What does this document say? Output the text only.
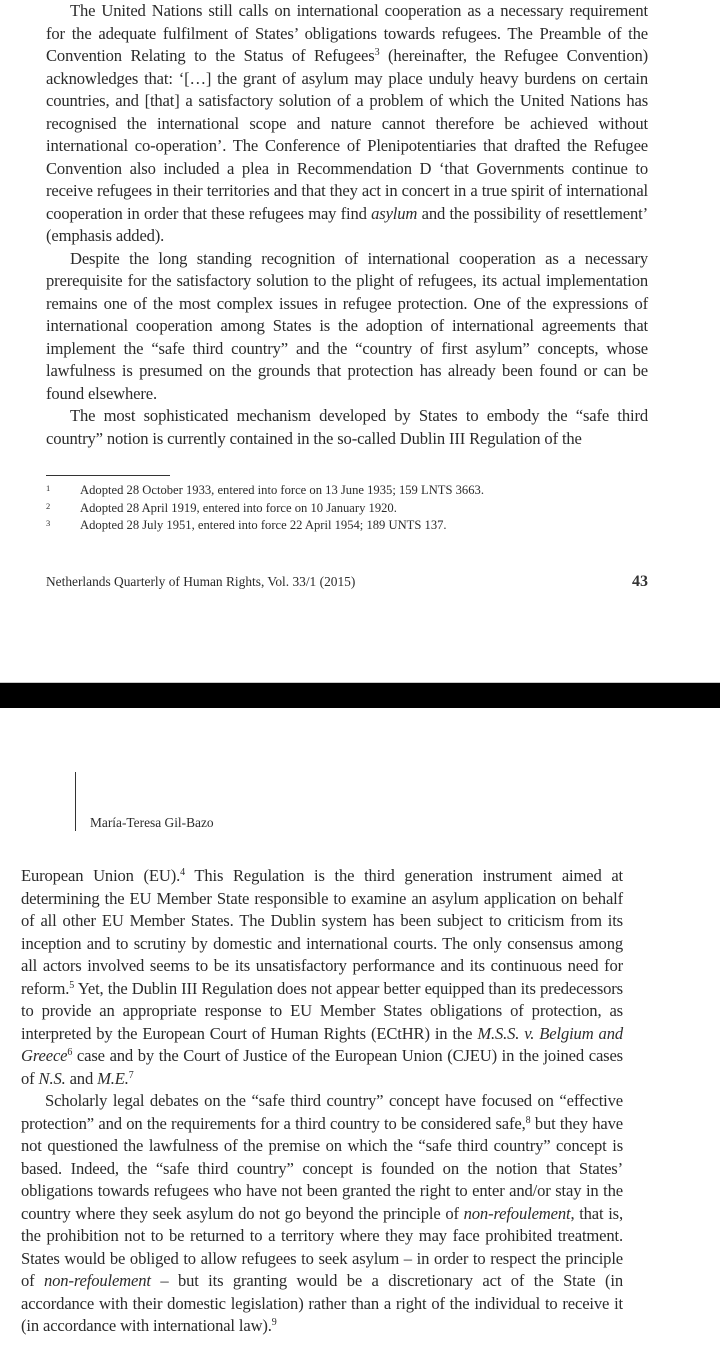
The United Nations still calls on international cooperation as a necessary requirement for the adequate fulfilment of States’ obligations towards refugees. The Preamble of the Convention Relating to the Status of Refugees$^3$ (hereinafter, the Refugee Convention) acknowledges that: ‘[…] the grant of asylum may place unduly heavy burdens on certain countries, and [that] a satisfactory solution of a problem of which the United Nations has recognised the international scope and nature cannot therefore be achieved without international co-operation’. The Conference of Plenipotentiaries that drafted the Refugee Convention also included a plea in Recommendation D ‘that Governments continue to receive refugees in their territories and that they act in concert in a true spirit of international cooperation in order that these refugees may find asylum and the possibility of resettlement’ (emphasis added).

Despite the long standing recognition of international cooperation as a necessary prerequisite for the satisfactory solution to the plight of refugees, its actual implementation remains one of the most complex issues in refugee protection. One of the expressions of international cooperation among States is the adoption of international agreements that implement the “safe third country” and the “country of first asylum” concepts, whose lawfulness is presumed on the grounds that protection has already been found or can be found elsewhere.

The most sophisticated mechanism developed by States to embody the “safe third country” notion is currently contained in the so-called Dublin III Regulation of the

1	Adopted 28 October 1933, entered into force on 13 June 1935; 159 LNTS 3663.
2	Adopted 28 April 1919, entered into force on 10 January 1920.
3	Adopted 28 July 1951, entered into force 22 April 1954; 189 UNTS 137.
Netherlands Quarterly of Human Rights, Vol. 33/1 (2015)	43
María-Teresa Gil-Bazo

European Union (EU).$^4$ This Regulation is the third generation instrument aimed at determining the EU Member State responsible to examine an asylum application on behalf of all other EU Member States. The Dublin system has been subject to criticism from its inception and to scrutiny by domestic and international courts. The only consensus among all actors involved seems to be its unsatisfactory performance and its continuous need for reform.$^5$ Yet, the Dublin III Regulation does not appear better equipped than its predecessors to provide an appropriate response to EU Member States obligations of protection, as interpreted by the European Court of Human Rights (ECtHR) in the M.S.S. v. Belgium and Greece$^6$ case and by the Court of Justice of the European Union (CJEU) in the joined cases of N.S. and M.E.$^7$

Scholarly legal debates on the “safe third country” concept have focused on “effective protection” and on the requirements for a third country to be considered safe,$^8$ but they have not questioned the lawfulness of the premise on which the “safe third country” concept is based. Indeed, the “safe third country” concept is founded on the notion that States’ obligations towards refugees who have not been granted the right to enter and/or stay in the country where they seek asylum do not go beyond the principle of non-refoulement, that is, the prohibition not to be returned to a territory where they may face prohibited treatment. States would be obliged to allow refugees to seek asylum – in order to respect the principle of non-refoulement – but its granting would be a discretionary act of the State (in accordance with their domestic legislation) rather than a right of the individual to receive it (in accordance with international law).$^9$
